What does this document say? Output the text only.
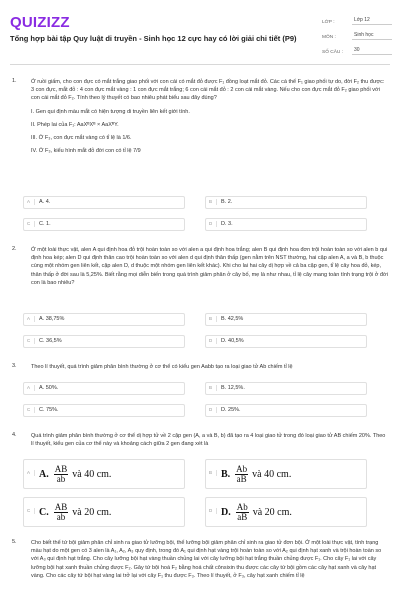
QUIZIZZ
Tổng hợp bài tập Quy luật di truyền - Sinh học 12 cực hay có lời giải chi tiết (P9)
LỚP :	Lớp 12
MÔN :	Sinh học
SỐ CÂU :	30
1.	Ở ruồi giấm, cho con đực có mắt trắng giao phối với con cái có mắt đỏ được F₁ đồng loạt mắt đỏ. Các cá thể F₁ giao phối tự do, đời F₂ thu được: 3 con đực, mắt đỏ : 4 con đực mắt vàng : 1 con đực mắt trắng; 6 con cái mắt đỏ : 2 con cái mắt vàng. Nếu cho con đực mắt đỏ F₂ giao phối với con cái mắt đỏ F₂. Tính theo lý thuyết có bao nhiêu phát biểu sau đây đúng?
I. Gen qui định màu mắt có hiện tượng di truyền liên kết giới tính.
II. Phép lai của F₁: AaXᴮXᴮ × AaXᴮY.
III. Ở F₃, con đực mắt vàng có tỉ lệ là 1/6.
IV. Ở F₃, kiểu hình mắt đỏ đời con có tỉ lệ 7/9
A	A. 4.	B	B. 2.
C	C. 1.	D	D. 3.
2.	Ở một loài thực vật, alen A qui định hoa đỏ trội hoàn toàn so với alen a qui định hoa trắng; alen B qui định hoa đơn trội hoàn toàn so với alen b qui định hoa kép; alen D qui định thân cao trội hoàn toàn so với alen d qui định thân thấp (gen nằm trên NST thường, hai cặp alen A, a và B, b thuộc cùng một nhóm gen liên kết, cặp alen D, d thuộc một nhóm gen liên kết khác). Khi cho lai hai cây dị hợp về cả ba cặp gen, tỉ lệ cây hoa đỏ, kép, thân thấp ở đời sau là 5,25%. Biết rằng mọi diễn biến trong quá trình giảm phân ở cây bố, mẹ là như nhau, tỉ lệ cây mang toàn tính trạng trội ở đời con là bao nhiêu?
A	A. 38,75%	B	B. 42,5%
C	C. 36,5%	D	D. 40,5%
3.	Theo lí thuyết, quá trình giảm phân bình thường ở cơ thể có kiểu gen Aabb tạo ra loại giao tử Ab chiếm tỉ lệ
A	A. 50%.	B	B. 12,5%.
C	C. 75%.	D	D. 25%.
4.	Quá trình giảm phân bình thường ở cơ thể dị hợp tử về 2 cặp gen (A, a và B, b) đã tạo ra 4 loại giao tử trong đó loại giao tử AB chiếm 20%. Theo lí thuyết, kiểu gen của cơ thể này và khoảng cách giữa 2 gen đang xét là
A A. $\frac{AB}{ab}$ và 40 cm.	B B. $\frac{Ab}{aB}$ và 40 cm.
C C. $\frac{AB}{ab}$ và 20 cm.	D D. $\frac{Ab}{aB}$ và 20 cm.
5.	Cho biết thể tứ bội giảm phân chỉ sinh ra giao tử lưỡng bội, thể lưỡng bội giảm phân chỉ sinh ra giao tử đơn bội. Ở một loài thực vật, tính trạng màu hạt do một gen có 3 alen là A₁, A₂, A₃ quy định, trong đó A₁ qui định hạt vàng trội hoàn toàn so với A₂ qui định hạt xanh và trội hoàn toàn so với A₃ qui định hạt trắng. Cho cây lưỡng bội hạt vàng thuần chủng lai với cây lưỡng bội hạt trắng thuần chủng được F₁. Cho cây F₁ lai với cây lưỡng bội hạt xanh thuần chủng được F₂. Gây tứ bội hoá F₂ bằng hoá chất cônsixin thu được các cây tứ bội gồm các cây hạt xanh và cây hạt vàng. Cho các cây tứ bội hạt vàng lai trở lại với cây F₁ thu được F₃. Theo lí thuyết, ở F₃, cây hạt xanh chiếm tỉ lệ
